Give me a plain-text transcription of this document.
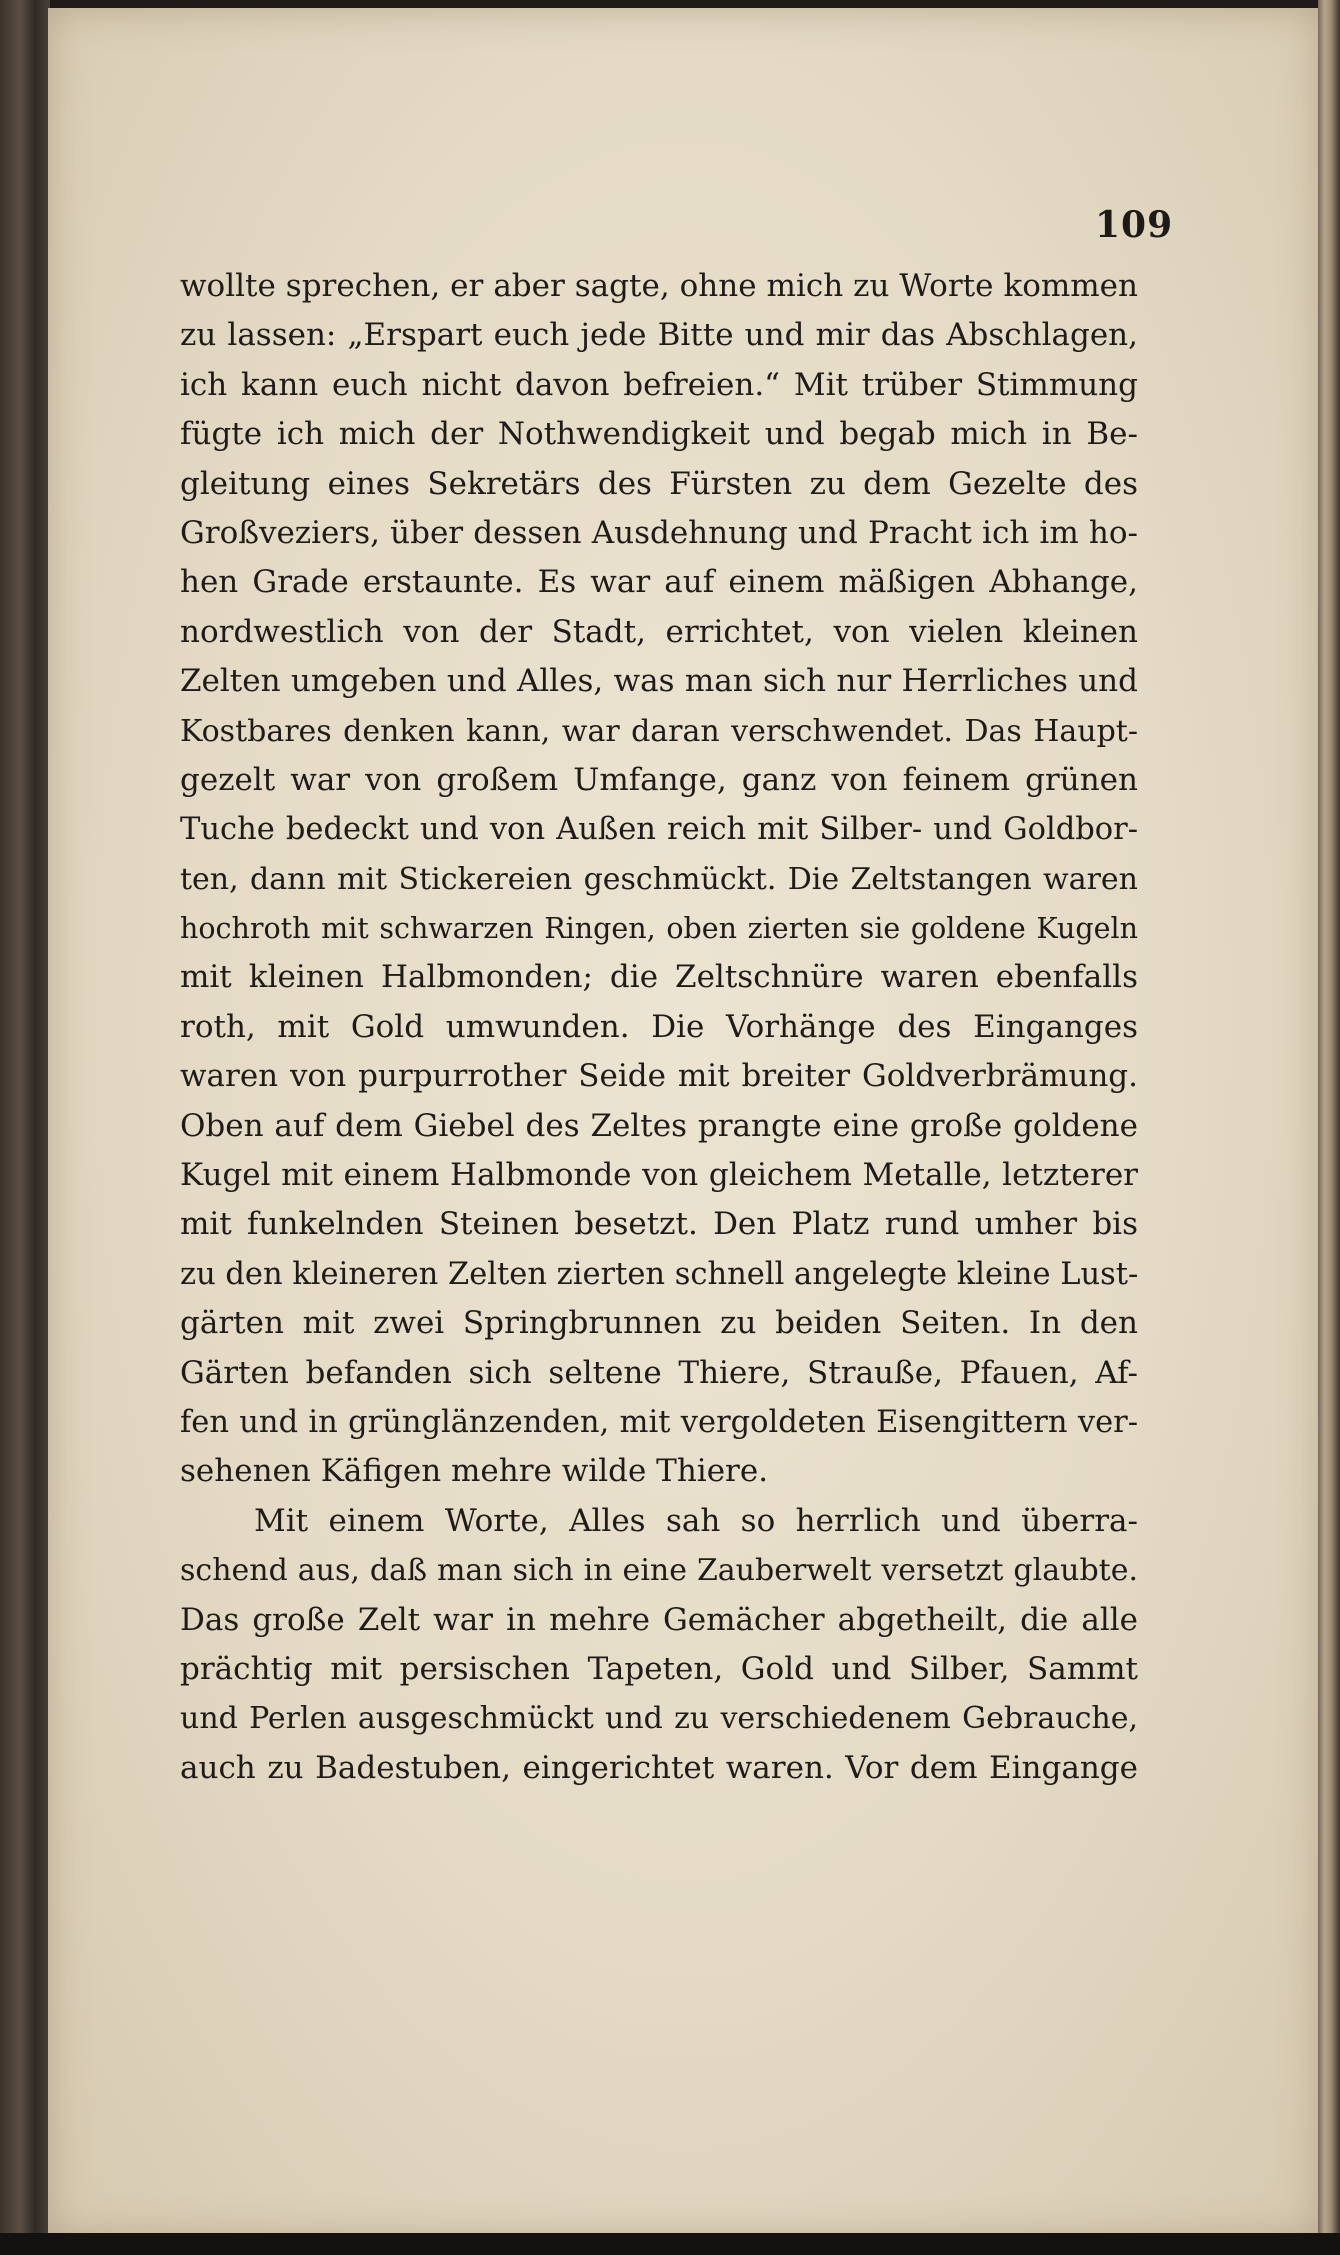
109
wollte sprechen, er aber sagte, ohne mich zu Worte kommen
zu lassen: „Erspart euch jede Bitte und mir das Abschlagen,
ich kann euch nicht davon befreien.“ Mit trüber Stimmung
fügte ich mich der Nothwendigkeit und begab mich in Be-
gleitung eines Sekretärs des Fürsten zu dem Gezelte des
Großveziers, über dessen Ausdehnung und Pracht ich im ho-
hen Grade erstaunte. Es war auf einem mäßigen Abhange,
nordwestlich von der Stadt, errichtet, von vielen kleinen
Zelten umgeben und Alles, was man sich nur Herrliches und
Kostbares denken kann, war daran verschwendet. Das Haupt-
gezelt war von großem Umfange, ganz von feinem grünen
Tuche bedeckt und von Außen reich mit Silber- und Goldbor-
ten, dann mit Stickereien geschmückt. Die Zeltstangen waren
hochroth mit schwarzen Ringen, oben zierten sie goldene Kugeln
mit kleinen Halbmonden; die Zeltschnüre waren ebenfalls
roth, mit Gold umwunden. Die Vorhänge des Einganges
waren von purpurrother Seide mit breiter Goldverbrämung.
Oben auf dem Giebel des Zeltes prangte eine große goldene
Kugel mit einem Halbmonde von gleichem Metalle, letzterer
mit funkelnden Steinen besetzt. Den Platz rund umher bis
zu den kleineren Zelten zierten schnell angelegte kleine Lust-
gärten mit zwei Springbrunnen zu beiden Seiten. In den
Gärten befanden sich seltene Thiere, Strauße, Pfauen, Af-
fen und in grünglänzenden, mit vergoldeten Eisengittern ver-
sehenen Käfigen mehre wilde Thiere.
Mit einem Worte, Alles sah so herrlich und überra-
schend aus, daß man sich in eine Zauberwelt versetzt glaubte.
Das große Zelt war in mehre Gemächer abgetheilt, die alle
prächtig mit persischen Tapeten, Gold und Silber, Sammt
und Perlen ausgeschmückt und zu verschiedenem Gebrauche,
auch zu Badestuben, eingerichtet waren. Vor dem Eingange
